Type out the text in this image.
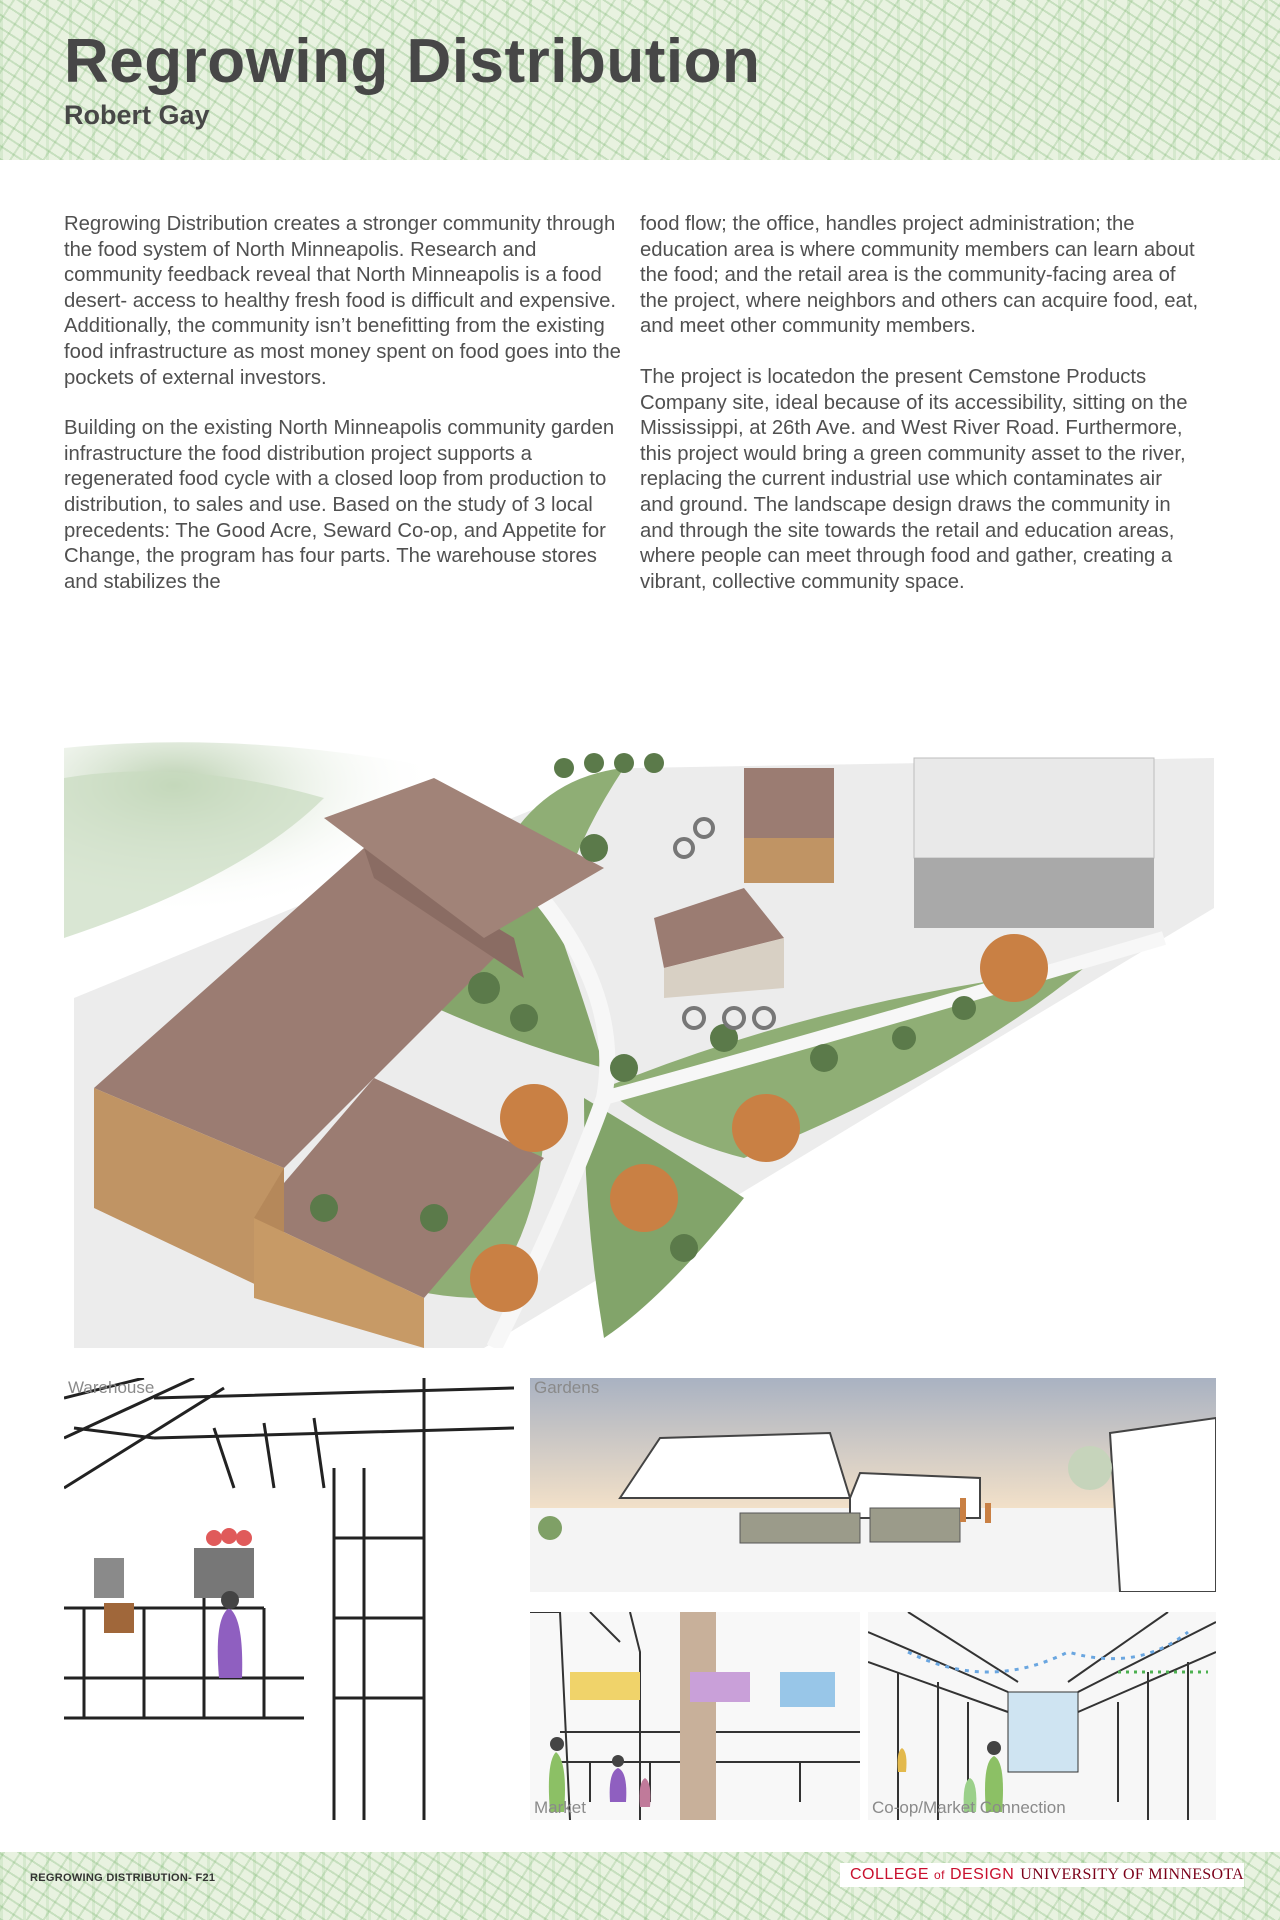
Regrowing Distribution
Robert Gay

Regrowing Distribution creates a stronger community through the food system of North Minneapolis. Research and community feedback reveal that North Minneapolis is a food desert- access to healthy fresh food is difficult and expensive. Additionally, the community isn’t benefitting from the existing food infrastructure as most money spent on food goes into the pockets of external investors.

Building on the existing North Minneapolis community garden infrastructure the food distribution project supports a regenerated food cycle with a closed loop from production to distribution, to sales and use. Based on the study of 3 local precedents: The Good Acre, Seward Co-op, and Appetite for Change, the program has four parts. The warehouse stores and stabilizes the

food flow; the office, handles project administration; the education area is where community members can learn about the food; and the retail area is the community-facing area of the project, where neighbors and others can acquire food, eat, and meet other community members.

The project is locatedon the present Cemstone Products Company site, ideal because of its accessibility, sitting on the Mississippi, at 26th Ave. and West River Road. Furthermore, this project would bring a green community asset to the river, replacing the current industrial use which contaminates air and ground. The landscape design draws the community in and through the site towards the retail and education areas, where people can meet through food and gather, creating a vibrant, collective community space.

Warehouse	Gardens
Market	Co-op/Market Connection
REGROWING DISTRIBUTION- F21	COLLEGE of DESIGN UNIVERSITY OF MINNESOTA
